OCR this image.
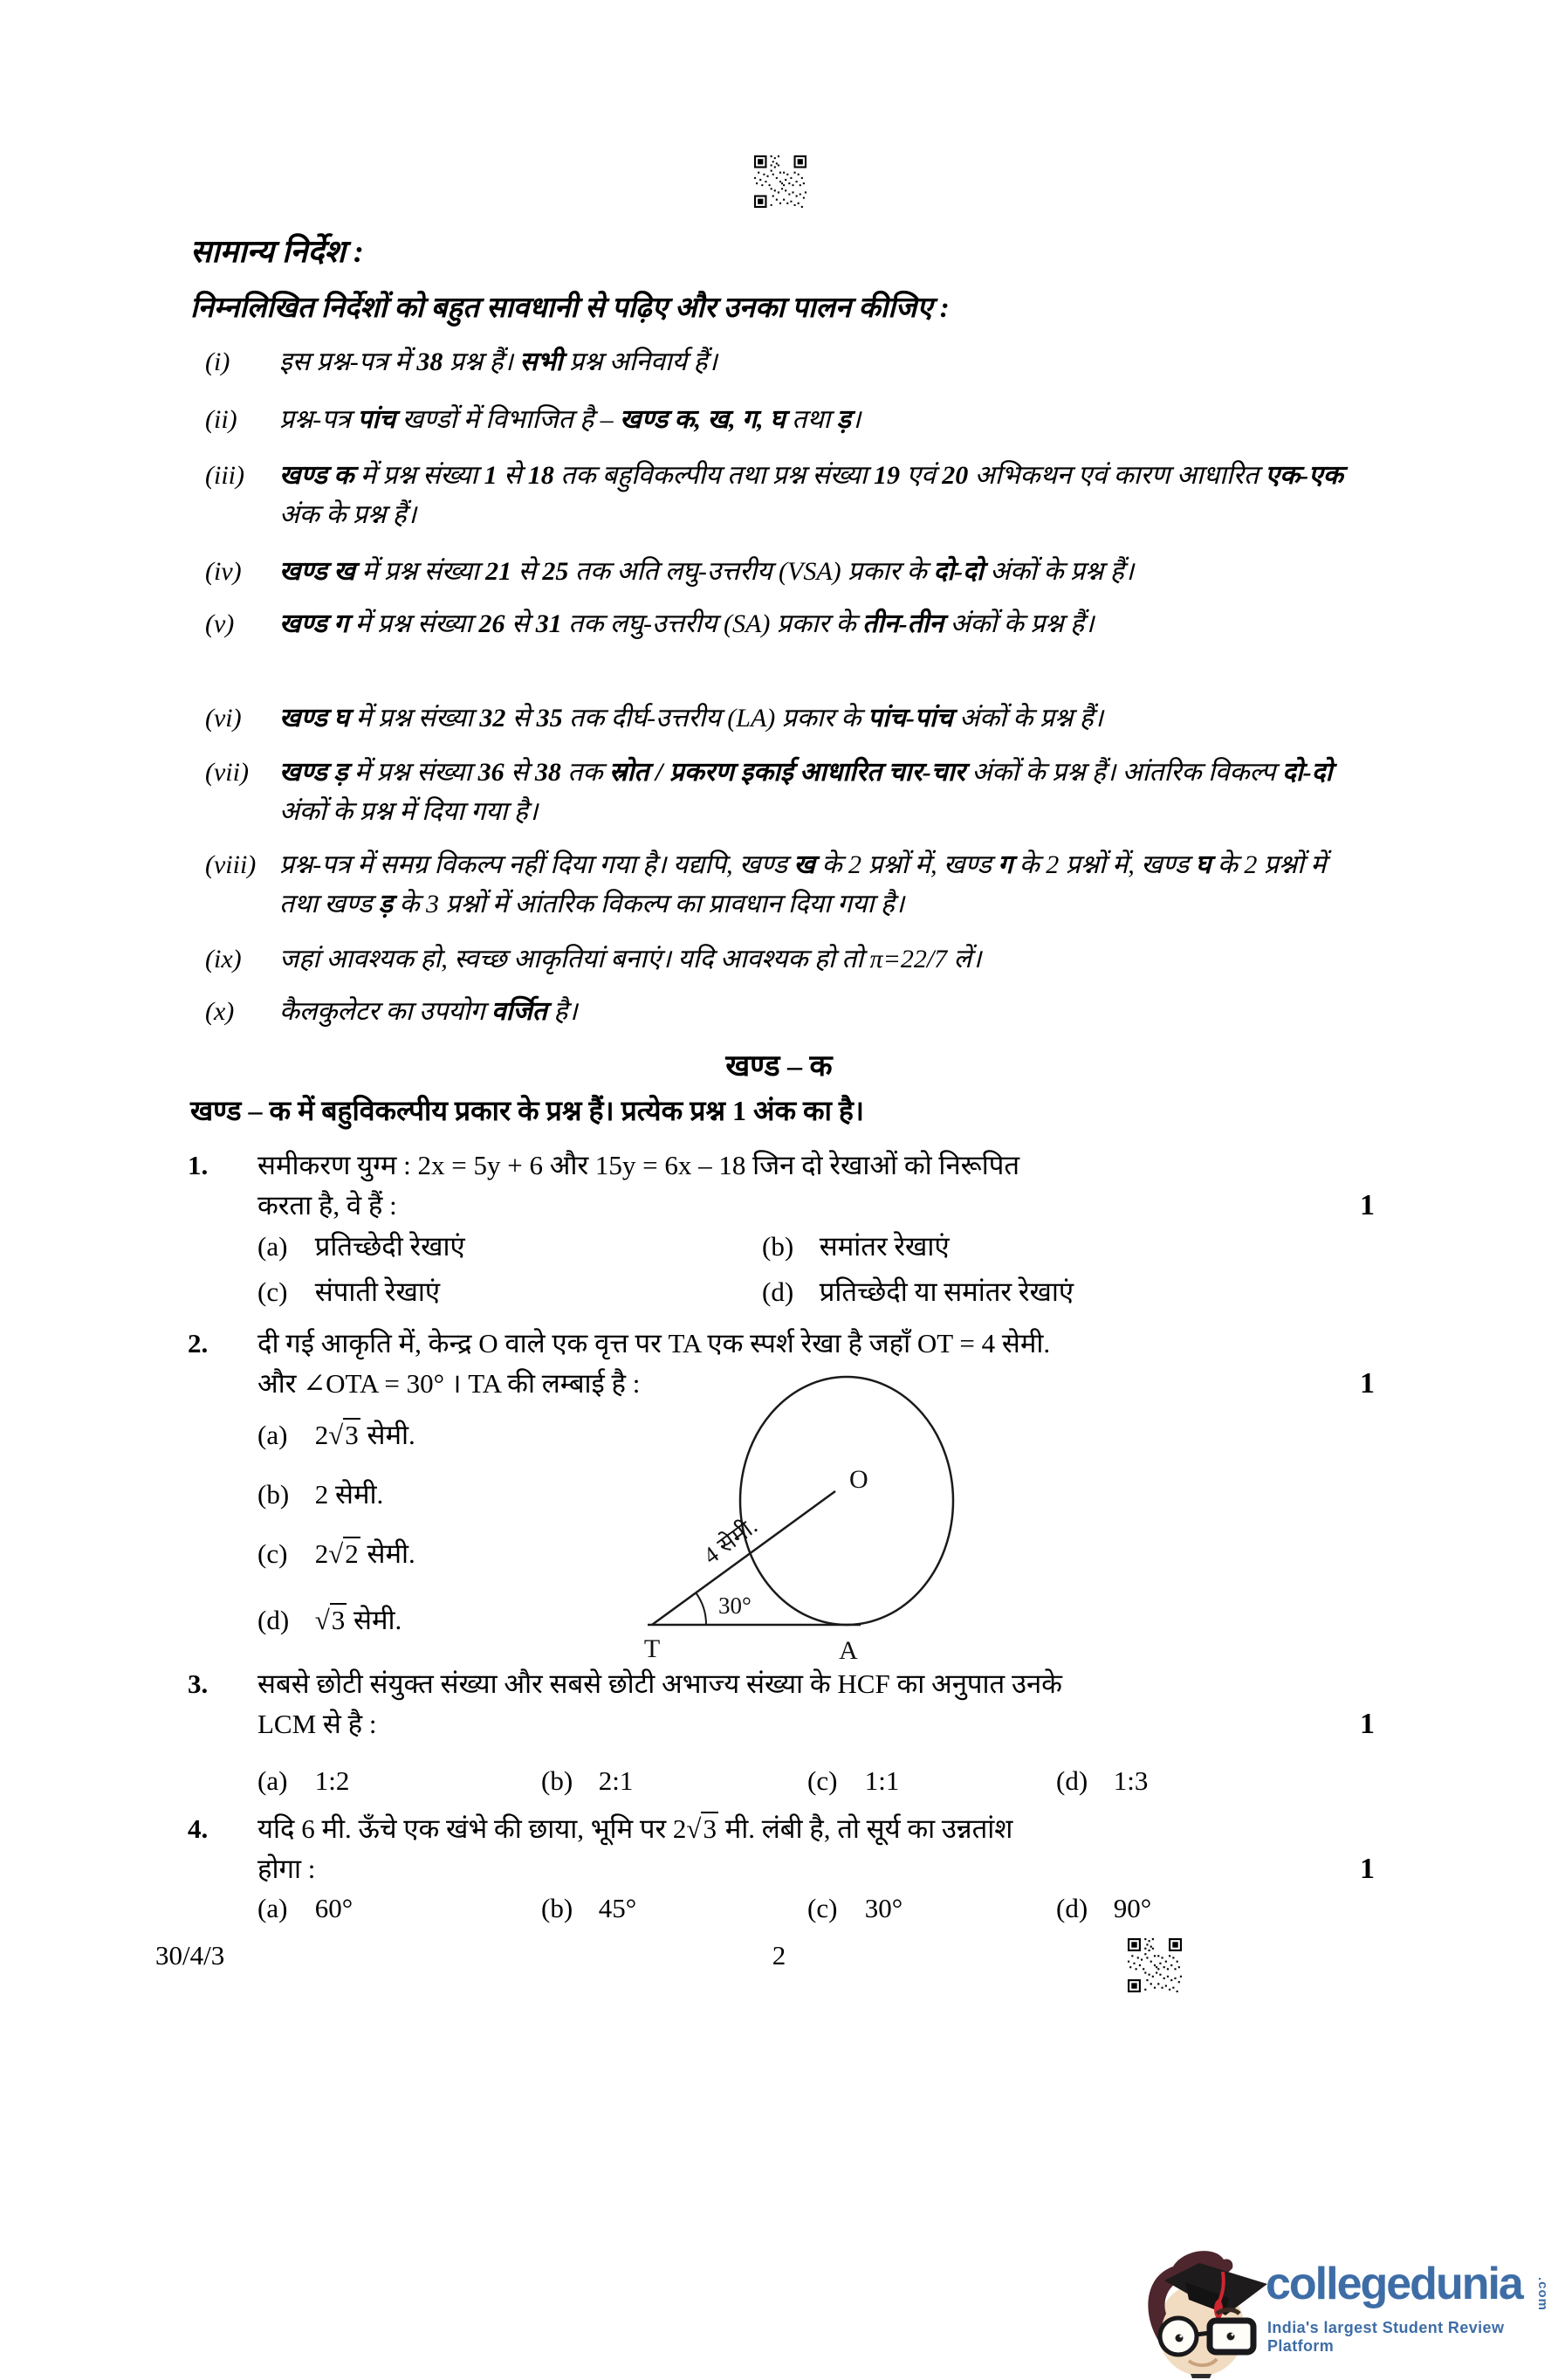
सामान्य निर्देश :
निम्नलिखित निर्देशों को बहुत सावधानी से पढ़िए और उनका पालन कीजिए :
(i)	इस प्रश्न-पत्र में 38 प्रश्न हैं। सभी प्रश्न अनिवार्य हैं।
(ii)	प्रश्न-पत्र पांच खण्डों में विभाजित है – खण्ड क, ख, ग, घ तथा ड़।
(iii)	खण्ड क में प्रश्न संख्या 1 से 18 तक बहुविकल्पीय तथा प्रश्न संख्या 19 एवं 20 अभिकथन एवं कारण आधारित एक-एक अंक के प्रश्न हैं।
(iv)	खण्ड ख में प्रश्न संख्या 21 से 25 तक अति लघु-उत्तरीय (VSA) प्रकार के दो-दो अंकों के प्रश्न हैं।
(v)	खण्ड ग में प्रश्न संख्या 26 से 31 तक लघु-उत्तरीय (SA) प्रकार के तीन-तीन अंकों के प्रश्न हैं।
(vi)	खण्ड घ में प्रश्न संख्या 32 से 35 तक दीर्घ-उत्तरीय (LA) प्रकार के पांच-पांच अंकों के प्रश्न हैं।
(vii)	खण्ड ड़ में प्रश्न संख्या 36 से 38 तक स्रोत / प्रकरण इकाई आधारित चार-चार अंकों के प्रश्न हैं। आंतरिक विकल्प दो-दो अंकों के प्रश्न में दिया गया है।
(viii) प्रश्न-पत्र में समग्र विकल्प नहीं दिया गया है। यद्यपि, खण्ड ख के 2 प्रश्नों में, खण्ड ग के 2 प्रश्नों में, खण्ड घ के 2 प्रश्नों में तथा खण्ड ड़ के 3 प्रश्नों में आंतरिक विकल्प का प्रावधान दिया गया है।
(ix)	जहां आवश्यक हो, स्वच्छ आकृतियां बनाएं। यदि आवश्यक हो तो π=22/7 लें।
(x)	कैलकुलेटर का उपयोग वर्जित है।
खण्ड – क
खण्ड – क में बहुविकल्पीय प्रकार के प्रश्न हैं। प्रत्येक प्रश्न 1 अंक का है।
1. समीकरण युग्म : 2x = 5y + 6 और 15y = 6x – 18 जिन दो रेखाओं को निरूपित
करता है, वे हैं :	1
(a) प्रतिच्छेदी रेखाएं	(b) समांतर रेखाएं
(c) संपाती रेखाएं	(d) प्रतिच्छेदी या समांतर रेखाएं
2. दी गई आकृति में, केन्द्र O वाले एक वृत्त पर TA एक स्पर्श रेखा है जहाँ OT = 4 सेमी.
और ∠OTA = 30° । TA की लम्बाई है :	1
(a) 2√3 सेमी.
(b) 2 सेमी.
(c) 2√2 सेमी.
(d) √3 सेमी.
O
T	A
30°
4 सेमी.
3. सबसे छोटी संयुक्त संख्या और सबसे छोटी अभाज्य संख्या के HCF का अनुपात उनके
LCM से है :	1
(a) 1:2	(b) 2:1	(c) 1:1	(d) 1:3
4. यदि 6 मी. ऊँचे एक खंभे की छाया, भूमि पर 2√3 मी. लंबी है, तो सूर्य का उन्नतांश
होगा :	1
(a) 60°	(b) 45°	(c) 30°	(d) 90°
30/4/3	2
collegedunia .com
India's largest Student Review Platform
